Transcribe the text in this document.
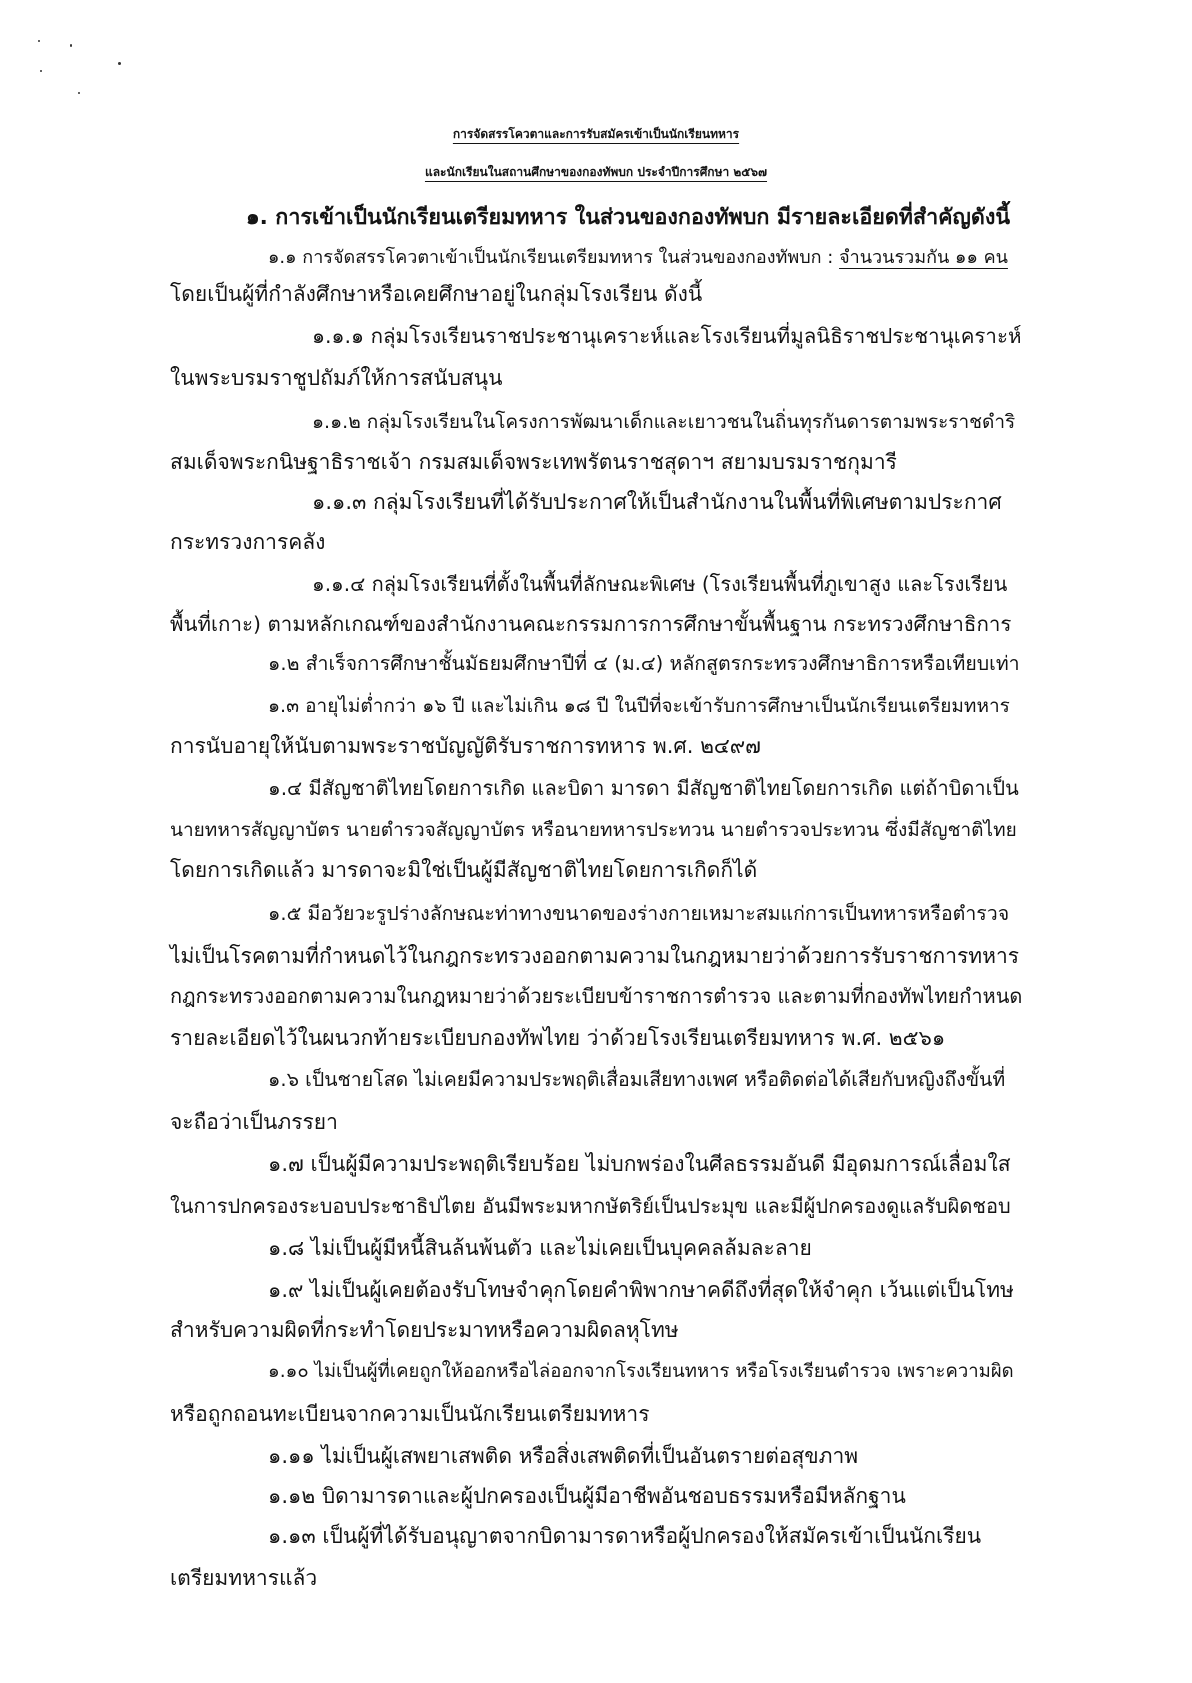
การจัดสรรโควตาและการรับสมัครเข้าเป็นนักเรียนทหาร
และนักเรียนในสถานศึกษาของกองทัพบก ประจำปีการศึกษา ๒๕๖๗
๑. การเข้าเป็นนักเรียนเตรียมทหาร ในส่วนของกองทัพบก มีรายละเอียดที่สำคัญดังนี้
๑.๑ การจัดสรรโควตาเข้าเป็นนักเรียนเตรียมทหาร ในส่วนของกองทัพบก : จำนวนรวมกัน ๑๑ คน
โดยเป็นผู้ที่กำลังศึกษาหรือเคยศึกษาอยู่ในกลุ่มโรงเรียน ดังนี้
๑.๑.๑ กลุ่มโรงเรียนราชประชานุเคราะห์และโรงเรียนที่มูลนิธิราชประชานุเคราะห์
ในพระบรมราชูปถัมภ์ให้การสนับสนุน
๑.๑.๒ กลุ่มโรงเรียนในโครงการพัฒนาเด็กและเยาวชนในถิ่นทุรกันดารตามพระราชดำริ
สมเด็จพระกนิษฐาธิราชเจ้า กรมสมเด็จพระเทพรัตนราชสุดาฯ สยามบรมราชกุมารี
๑.๑.๓ กลุ่มโรงเรียนที่ได้รับประกาศให้เป็นสำนักงานในพื้นที่พิเศษตามประกาศ
กระทรวงการคลัง
๑.๑.๔ กลุ่มโรงเรียนที่ตั้งในพื้นที่ลักษณะพิเศษ (โรงเรียนพื้นที่ภูเขาสูง และโรงเรียน
พื้นที่เกาะ) ตามหลักเกณฑ์ของสำนักงานคณะกรรมการการศึกษาขั้นพื้นฐาน กระทรวงศึกษาธิการ
๑.๒ สำเร็จการศึกษาชั้นมัธยมศึกษาปีที่ ๔ (ม.๔) หลักสูตรกระทรวงศึกษาธิการหรือเทียบเท่า
๑.๓ อายุไม่ต่ำกว่า ๑๖ ปี และไม่เกิน ๑๘ ปี ในปีที่จะเข้ารับการศึกษาเป็นนักเรียนเตรียมทหาร
การนับอายุให้นับตามพระราชบัญญัติรับราชการทหาร พ.ศ. ๒๔๙๗
๑.๔ มีสัญชาติไทยโดยการเกิด และบิดา มารดา มีสัญชาติไทยโดยการเกิด แต่ถ้าบิดาเป็น
นายทหารสัญญาบัตร นายตำรวจสัญญาบัตร หรือนายทหารประทวน นายตำรวจประทวน ซึ่งมีสัญชาติไทย
โดยการเกิดแล้ว มารดาจะมิใช่เป็นผู้มีสัญชาติไทยโดยการเกิดก็ได้
๑.๕ มีอวัยวะรูปร่างลักษณะท่าทางขนาดของร่างกายเหมาะสมแก่การเป็นทหารหรือตำรวจ
ไม่เป็นโรคตามที่กำหนดไว้ในกฎกระทรวงออกตามความในกฎหมายว่าด้วยการรับราชการทหาร
กฎกระทรวงออกตามความในกฎหมายว่าด้วยระเบียบข้าราชการตำรวจ และตามที่กองทัพไทยกำหนด
รายละเอียดไว้ในผนวกท้ายระเบียบกองทัพไทย ว่าด้วยโรงเรียนเตรียมทหาร พ.ศ. ๒๕๖๑
๑.๖ เป็นชายโสด ไม่เคยมีความประพฤติเสื่อมเสียทางเพศ หรือติดต่อได้เสียกับหญิงถึงขั้นที่
จะถือว่าเป็นภรรยา
๑.๗ เป็นผู้มีความประพฤติเรียบร้อย ไม่บกพร่องในศีลธรรมอันดี มีอุดมการณ์เลื่อมใส
ในการปกครองระบอบประชาธิปไตย อันมีพระมหากษัตริย์เป็นประมุข และมีผู้ปกครองดูแลรับผิดชอบ
๑.๘ ไม่เป็นผู้มีหนี้สินล้นพ้นตัว และไม่เคยเป็นบุคคลล้มละลาย
๑.๙ ไม่เป็นผู้เคยต้องรับโทษจำคุกโดยคำพิพากษาคดีถึงที่สุดให้จำคุก เว้นแต่เป็นโทษ
สำหรับความผิดที่กระทำโดยประมาทหรือความผิดลหุโทษ
๑.๑๐ ไม่เป็นผู้ที่เคยถูกให้ออกหรือไล่ออกจากโรงเรียนทหาร หรือโรงเรียนตำรวจ เพราะความผิด
หรือถูกถอนทะเบียนจากความเป็นนักเรียนเตรียมทหาร
๑.๑๑ ไม่เป็นผู้เสพยาเสพติด หรือสิ่งเสพติดที่เป็นอันตรายต่อสุขภาพ
๑.๑๒ บิดามารดาและผู้ปกครองเป็นผู้มีอาชีพอันชอบธรรมหรือมีหลักฐาน
๑.๑๓ เป็นผู้ที่ได้รับอนุญาตจากบิดามารดาหรือผู้ปกครองให้สมัครเข้าเป็นนักเรียน
เตรียมทหารแล้ว
